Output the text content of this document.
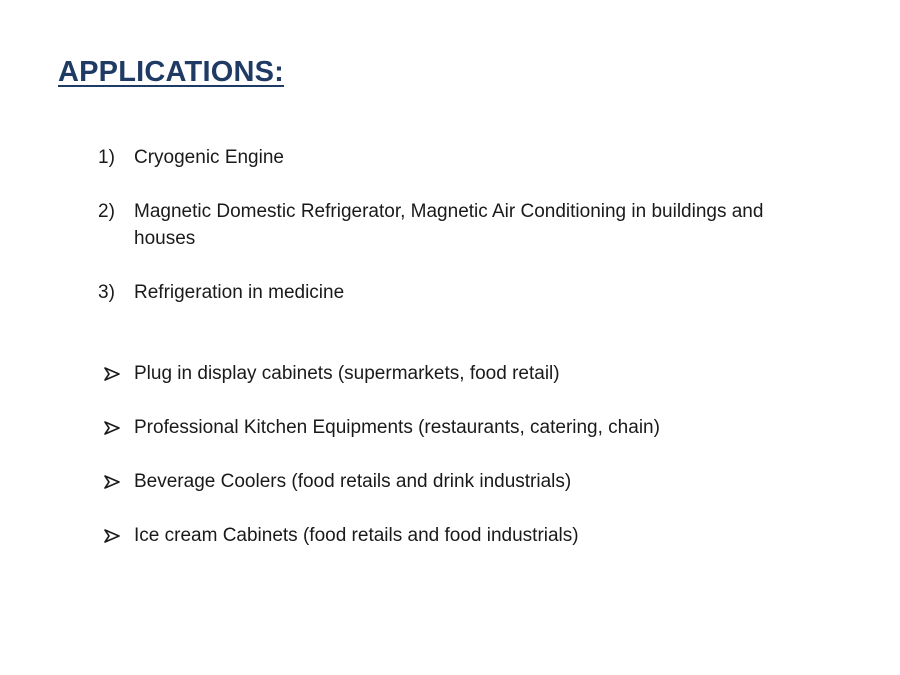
APPLICATIONS:
1)	Cryogenic Engine
2)	Magnetic Domestic Refrigerator, Magnetic Air Conditioning in buildings and houses
3)	Refrigeration in medicine
Plug in display cabinets (supermarkets, food retail)
Professional Kitchen Equipments (restaurants, catering, chain)
Beverage Coolers (food retails and drink industrials)
Ice cream Cabinets (food retails and food industrials)
